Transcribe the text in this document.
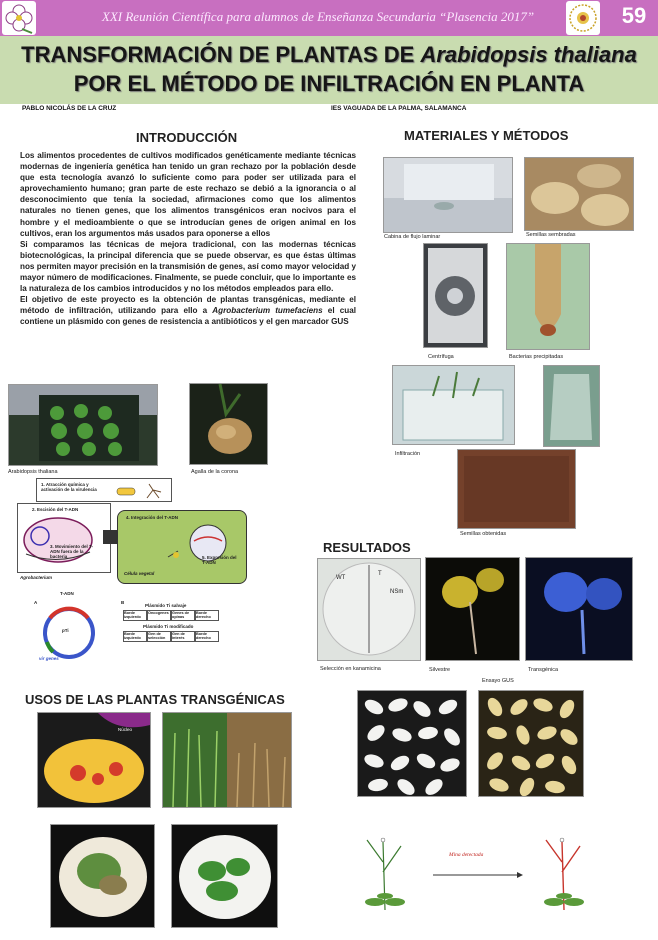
XXI Reunión Científica para alumnos de Enseñanza Secundaria “Plasencia 2017”	59
TRANSFORMACIÓN DE PLANTAS DE Arabidopsis thaliana
POR EL MÉTODO DE INFILTRACIÓN EN PLANTA
PABLO NICOLÁS DE LA CRUZ	IES VAGUADA DE LA PALMA, SALAMANCA
INTRODUCCIÓN

Los alimentos procedentes de cultivos modificados genéticamente mediante técnicas modernas de ingeniería genética han tenido un gran rechazo por la población desde que esta tecnología avanzó lo suficiente como para poder ser utilizada para el aprovechamiento humano; gran parte de este rechazo se debió a la ignorancia o al desconocimiento que tenía la sociedad, afirmaciones como que los alimentos naturales no tienen genes, que los alimentos transgénicos eran nocivos para el hombre y el medioambiente o que se introducían genes de origen animal en los cultivos, eran los argumentos más usados para oponerse a ellos

Si comparamos las técnicas de mejora tradicional, con las modernas técnicas biotecnológicas, la principal diferencia que se puede observar, es que éstas últimas nos permiten mayor precisión en la transmisión de genes, así como mayor velocidad y mayor número de modificaciones. Finalmente, se puede concluir, que lo importante es la naturaleza de los cambios introducidos y no los métodos empleados para ello.

El objetivo de este proyecto es la obtención de plantas transgénicas, mediante el método de infiltración, utilizando para ello a Agrobacterium tumefaciens el cual contiene un plásmido con genes de resistencia a antibióticos y el gen marcador GUS

Arabidopsis thaliana	Agalla de la corona
1. Atracción química y activación de la virulencia
2. Escisión del T-ADN
3. Movimiento del T-ADN fuera de la bacteria
Agrobacterium
4. Integración del T-ADN
5. Expresión del T-ADN
Célula vegetal
A
T-ADN
pTi
vir genes
B
Plásmido Ti salvaje
Borde izquierdo
Oncogenes Genes de opinas
Borde derecho
Plásmido Ti modificado
Borde izquierdo
Gen de selección
Gen de interés
Borde derecho
MATERIALES Y MÉTODOS
Cabina de flujo laminar	Semillas sembradas
Centrífuga	Bacterias precipitadas
Infiltración
Semillas obtenidas
RESULTADOS
WT
T
NSm
Selección en kanamicina	Silvestre	Transgénica
Ensayo GUS
Mina detectada
USOS DE LAS PLANTAS TRANSGÉNICAS
Núcleo
